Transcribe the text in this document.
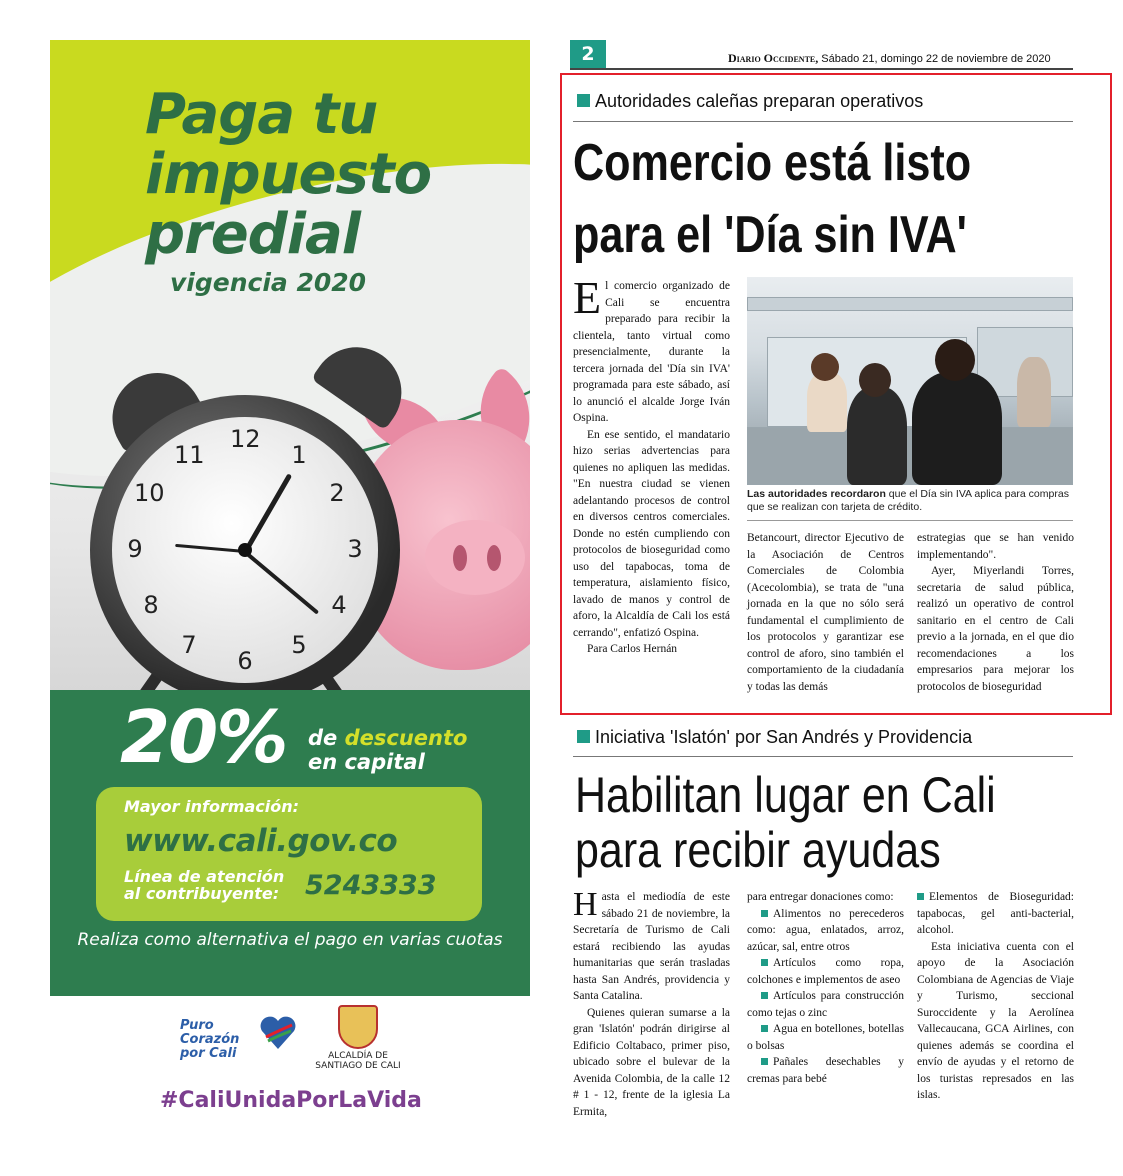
Paga tu impuesto predial
vigencia 2020
12
1
2
3
4
5
6
7
8
9
10
11
20% de descuento
en capital
Mayor información:
www.cali.gov.co
Línea de atención al contribuyente: 5243333
Realiza como alternativa el pago en varias cuotas
Puro Corazón por Cali	ALCALDÍA DE SANTIAGO DE CALI
#CaliUnidaPorLaVida
2	Diario Occidente, Sábado 21, domingo 22 de noviembre de 2020
Autoridades caleñas preparan operativos
Comercio está listo
para el 'Día sin IVA'

El comercio organizado de Cali se encuentra preparado para recibir la clientela, tanto virtual como presencialmente, durante la tercera jornada del 'Día sin IVA' programada para este sábado, así lo anunció el alcalde Jorge Iván Ospina.

En ese sentido, el mandatario hizo serias advertencias para quienes no apliquen las medidas. "En nuestra ciudad se vienen adelantando procesos de control en diversos centros comerciales. Donde no estén cumpliendo con protocolos de bioseguridad como uso del tapabocas, toma de temperatura, aislamiento físico, lavado de manos y control de aforo, la Alcaldía de Cali los está cerrando", enfatizó Ospina.

Para Carlos Hernán

Las autoridades recordaron que el Día sin IVA aplica para compras que se realizan con tarjeta de crédito.

Betancourt, director Ejecutivo de la Asociación de Centros Comerciales de Colombia (Acecolombia), se trata de "una jornada en la que no sólo será fundamental el cumplimiento de los protocolos y garantizar ese control de aforo, sino también el comportamiento de la ciudadanía y todas las demás

estrategias que se han venido implementando".

Ayer, Miyerlandi Torres, secretaria de salud pública, realizó un operativo de control sanitario en el centro de Cali previo a la jornada, en el que dio recomendaciones a los empresarios para mejorar los protocolos de bioseguridad

Iniciativa 'Islatón' por San Andrés y Providencia
Habilitan lugar en Cali
para recibir ayudas

Hasta el mediodía de este sábado 21 de noviembre, la Secretaría de Turismo de Cali estará recibiendo las ayudas humanitarias que serán trasladas hasta San Andrés, providencia y Santa Catalina.

Quienes quieran sumarse a la gran 'Islatón' podrán dirigirse al Edificio Coltabaco, primer piso, ubicado sobre el bulevar de la Avenida Colombia, de la calle 12 # 1 - 12, frente de la iglesia La Ermita,

para entregar donaciones como:

Alimentos no perecederos como: agua, enlatados, arroz, azúcar, sal, entre otros

Artículos como ropa, colchones e implementos de aseo

Artículos para construcción como tejas o zinc

Agua en botellones, botellas o bolsas

Pañales desechables y cremas para bebé

Elementos de Bioseguridad: tapabocas, gel anti-bacterial, alcohol.

Esta iniciativa cuenta con el apoyo de la Asociación Colombiana de Agencias de Viaje y Turismo, seccional Suroccidente y la Aerolínea Vallecaucana, GCA Airlines, con quienes además se coordina el envío de ayudas y el retorno de los turistas represados en las islas.
